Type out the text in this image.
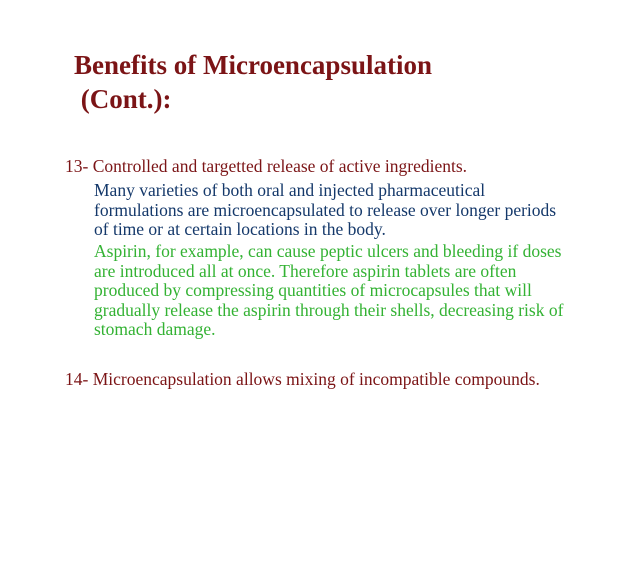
Benefits of Microencapsulation
(Cont.):

13- Controlled and targetted release of active ingredients.

Many varieties of both oral and injected pharmaceutical
formulations are microencapsulated to release over longer periods
of time or at certain locations in the body.

Aspirin, for example, can cause peptic ulcers and bleeding if doses
are introduced all at once. Therefore aspirin tablets are often
produced by compressing quantities of microcapsules that will
gradually release the aspirin through their shells, decreasing risk of
stomach damage.

14- Microencapsulation allows mixing of incompatible compounds.
